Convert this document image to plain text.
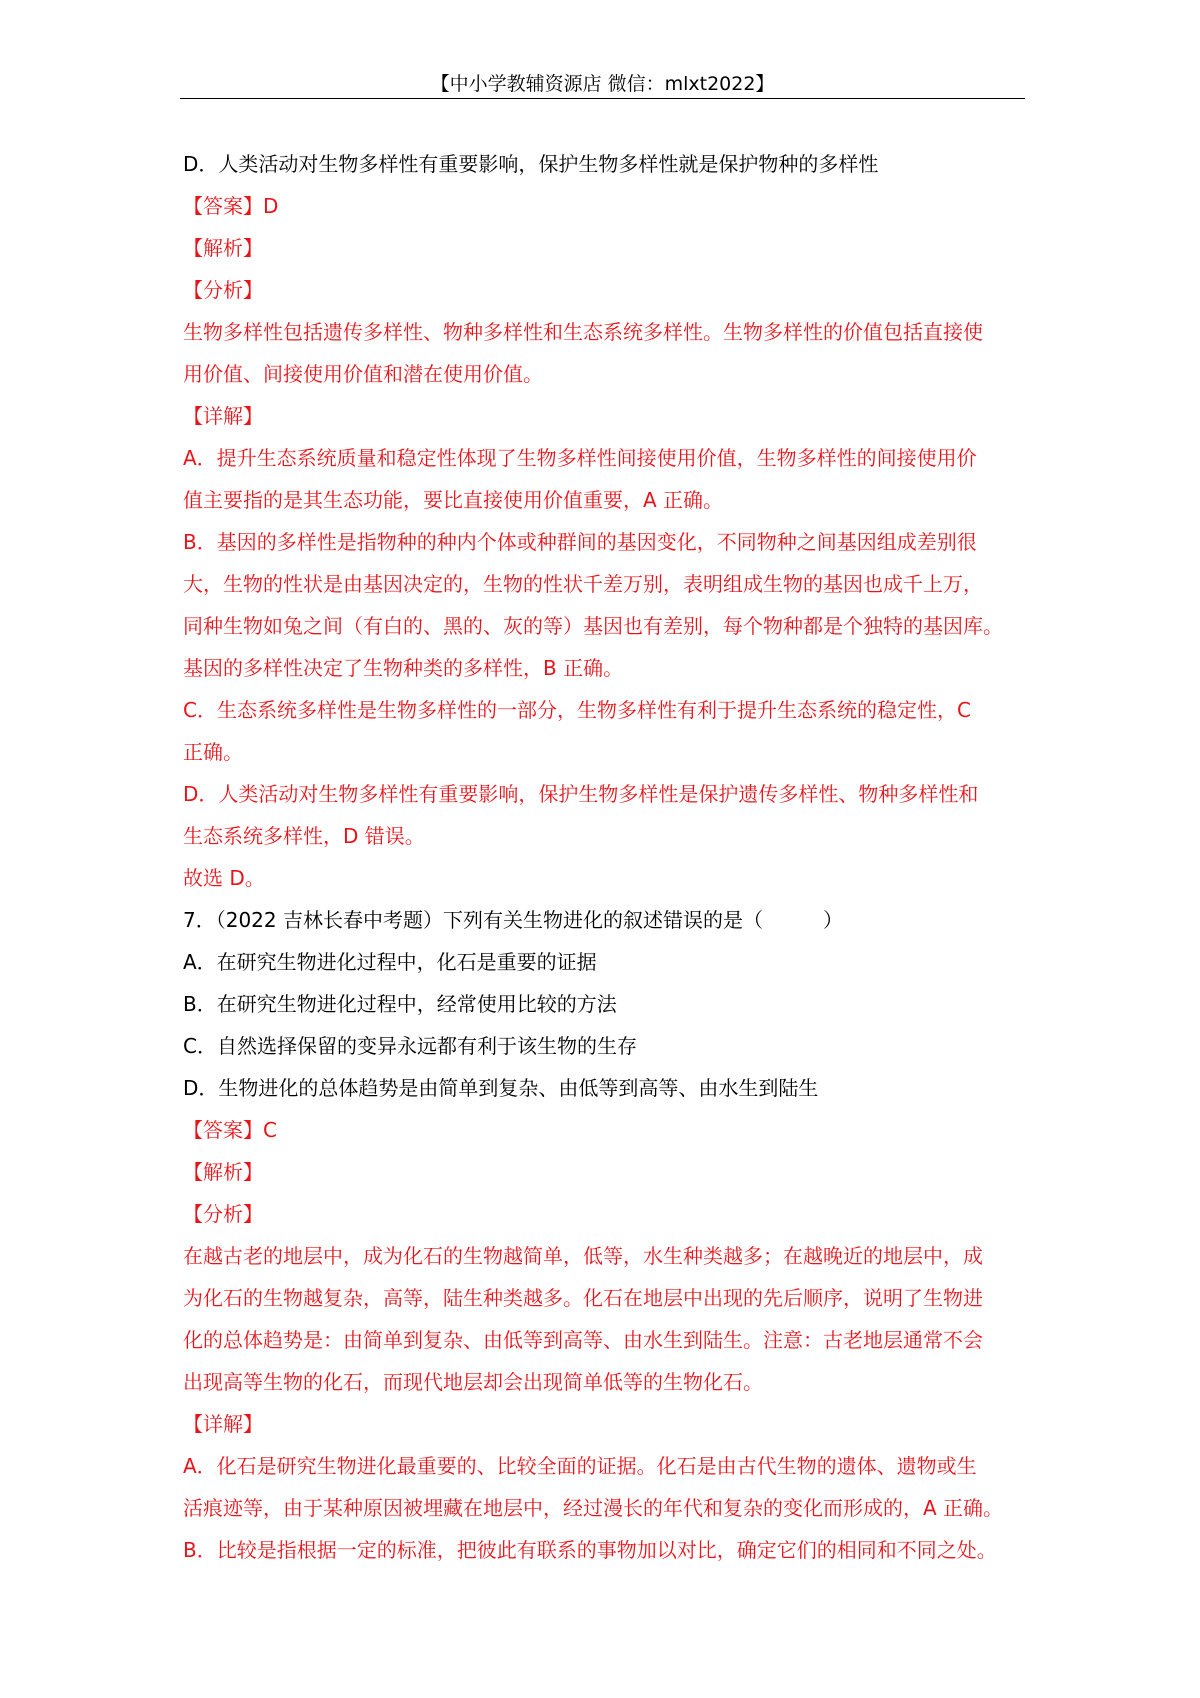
【中小学教辅资源店 微信：mlxt2022】

D．人类活动对生物多样性有重要影响，保护生物多样性就是保护物种的多样性

【答案】D

【解析】

【分析】

生物多样性包括遗传多样性、物种多样性和生态系统多样性。生物多样性的价值包括直接使

用价值、间接使用价值和潜在使用价值。

【详解】

A．提升生态系统质量和稳定性体现了生物多样性间接使用价值，生物多样性的间接使用价

值主要指的是其生态功能，要比直接使用价值重要，A 正确。

B．基因的多样性是指物种的种内个体或种群间的基因变化，不同物种之间基因组成差别很

大，生物的性状是由基因决定的，生物的性状千差万别，表明组成生物的基因也成千上万，

同种生物如兔之间（有白的、黑的、灰的等）基因也有差别，每个物种都是个独特的基因库。

基因的多样性决定了生物种类的多样性，B 正确。

C．生态系统多样性是生物多样性的一部分，生物多样性有利于提升生态系统的稳定性，C

正确。

D．人类活动对生物多样性有重要影响，保护生物多样性是保护遗传多样性、物种多样性和

生态系统多样性，D 错误。

故选 D。

7．（2022 吉林长春中考题）下列有关生物进化的叙述错误的是（　　　）

A．在研究生物进化过程中，化石是重要的证据

B．在研究生物进化过程中，经常使用比较的方法

C．自然选择保留的变异永远都有利于该生物的生存

D．生物进化的总体趋势是由简单到复杂、由低等到高等、由水生到陆生

【答案】C

【解析】

【分析】

在越古老的地层中，成为化石的生物越简单，低等，水生种类越多；在越晚近的地层中，成

为化石的生物越复杂，高等，陆生种类越多。化石在地层中出现的先后顺序，说明了生物进

化的总体趋势是：由简单到复杂、由低等到高等、由水生到陆生。注意：古老地层通常不会

出现高等生物的化石，而现代地层却会出现简单低等的生物化石。

【详解】

A．化石是研究生物进化最重要的、比较全面的证据。化石是由古代生物的遗体、遗物或生

活痕迹等，由于某种原因被埋藏在地层中，经过漫长的年代和复杂的变化而形成的，A 正确。

B．比较是指根据一定的标准，把彼此有联系的事物加以对比，确定它们的相同和不同之处。
